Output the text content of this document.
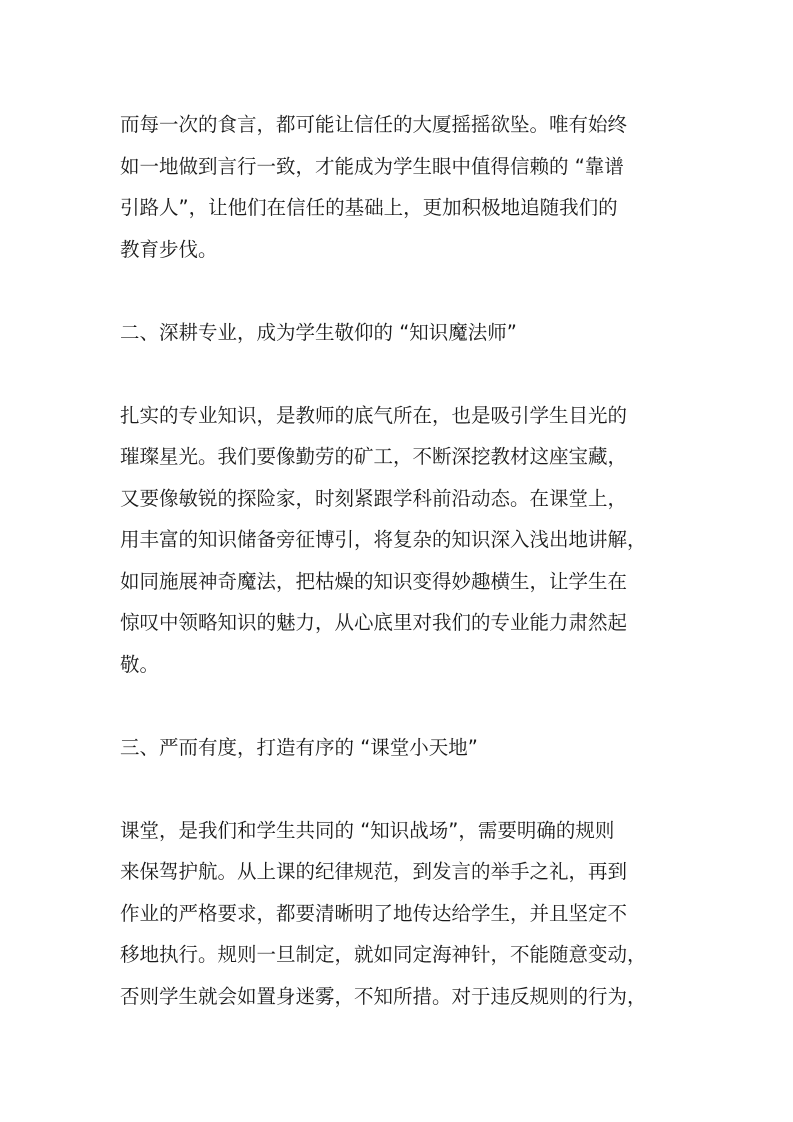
而每一次的食言，都可能让信任的大厦摇摇欲坠。唯有始终
如一地做到言行一致，才能成为学生眼中值得信赖的 “靠谱
引路人”，让他们在信任的基础上，更加积极地追随我们的
教育步伐。
二、深耕专业，成为学生敬仰的 “知识魔法师”
扎实的专业知识，是教师的底气所在，也是吸引学生目光的
璀璨星光。我们要像勤劳的矿工，不断深挖教材这座宝藏，
又要像敏锐的探险家，时刻紧跟学科前沿动态。在课堂上，
用丰富的知识储备旁征博引，将复杂的知识深入浅出地讲解，
如同施展神奇魔法，把枯燥的知识变得妙趣横生，让学生在
惊叹中领略知识的魅力，从心底里对我们的专业能力肃然起
敬。
三、严而有度，打造有序的 “课堂小天地”
课堂，是我们和学生共同的 “知识战场”，需要明确的规则
来保驾护航。从上课的纪律规范，到发言的举手之礼，再到
作业的严格要求，都要清晰明了地传达给学生，并且坚定不
移地执行。规则一旦制定，就如同定海神针，不能随意变动，
否则学生就会如置身迷雾，不知所措。对于违反规则的行为，
